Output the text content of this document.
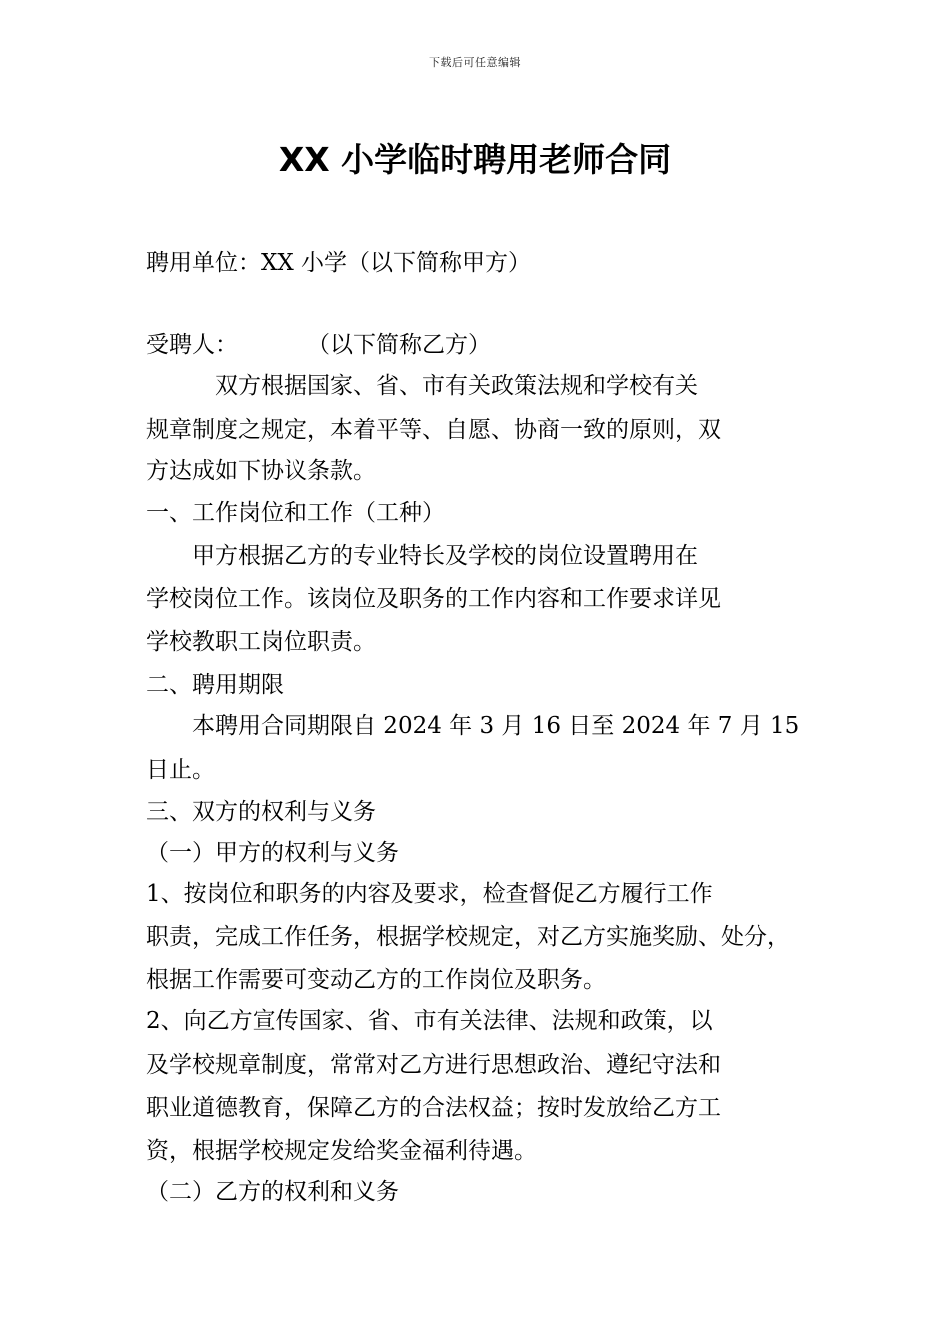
下载后可任意编辑
XX 小学临时聘用老师合同
聘用单位：XX 小学（以下简称甲方）
受聘人：　　　　（以下简称乙方）
　　　双方根据国家、省、市有关政策法规和学校有关
规章制度之规定，本着平等、自愿、协商一致的原则，双
方达成如下协议条款。
一、工作岗位和工作（工种）
　　甲方根据乙方的专业特长及学校的岗位设置聘用在
学校岗位工作。该岗位及职务的工作内容和工作要求详见
学校教职工岗位职责。
二、聘用期限
　　本聘用合同期限自 2024 年 3 月 16 日至 2024 年 7 月 15
日止。
三、双方的权利与义务
（一）甲方的权利与义务
1、按岗位和职务的内容及要求，检查督促乙方履行工作
职责，完成工作任务，根据学校规定，对乙方实施奖励、处分，
根据工作需要可变动乙方的工作岗位及职务。
2、向乙方宣传国家、省、市有关法律、法规和政策，以
及学校规章制度，常常对乙方进行思想政治、遵纪守法和
职业道德教育，保障乙方的合法权益；按时发放给乙方工
资，根据学校规定发给奖金福利待遇。
（二）乙方的权利和义务
